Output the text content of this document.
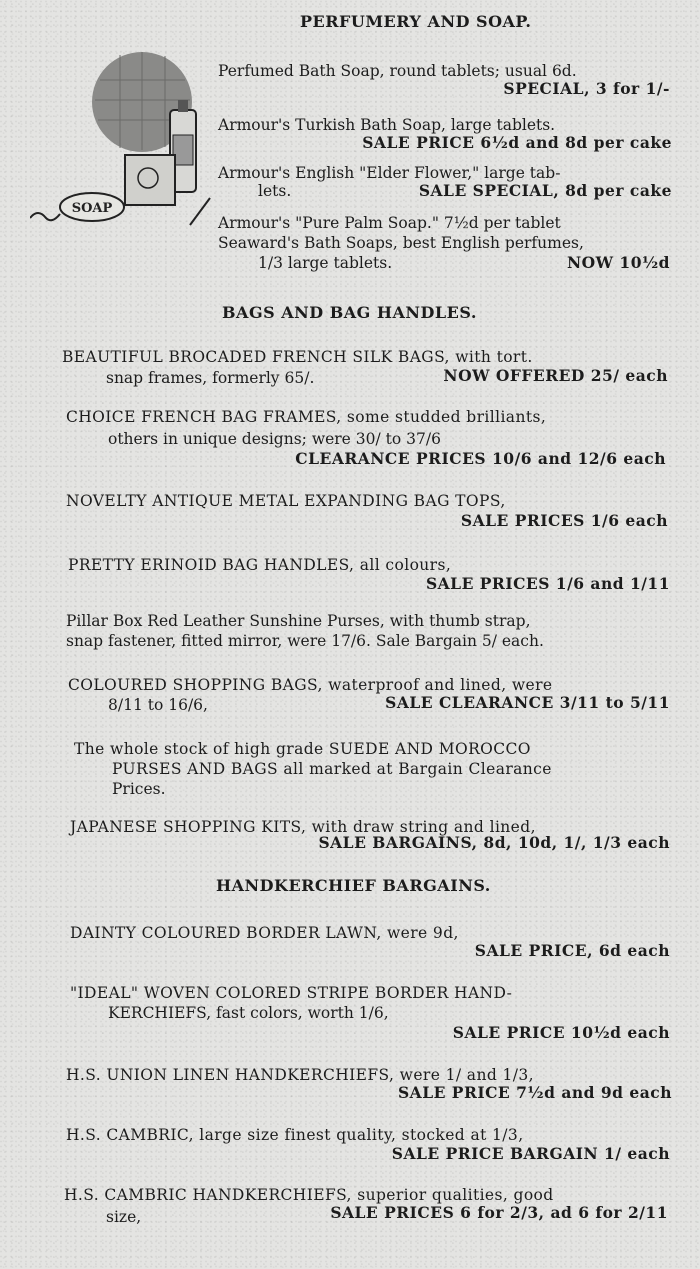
SOAP
PERFUMERY AND SOAP.
Perfumed Bath Soap, round tablets; usual 6d.
SPECIAL, 3 for 1/-
Armour's Turkish Bath Soap, large tablets.
SALE PRICE 6½d and 8d per cake
Armour's English "Elder Flower," large tab-
lets.	SALE SPECIAL, 8d per cake
Armour's "Pure Palm Soap." 7½d per tablet
Seaward's Bath Soaps, best English perfumes,
1/3 large tablets.	NOW 10½d
BAGS AND BAG HANDLES.
BEAUTIFUL BROCADED FRENCH SILK BAGS, with tort.
snap frames, formerly 65/.	NOW OFFERED 25/ each
CHOICE FRENCH BAG FRAMES, some studded brilliants,
others in unique designs; were 30/ to 37/6
CLEARANCE PRICES 10/6 and 12/6 each
NOVELTY ANTIQUE METAL EXPANDING BAG TOPS,
SALE PRICES 1/6 each
PRETTY ERINOID BAG HANDLES, all colours,
SALE PRICES 1/6 and 1/11
Pillar Box Red Leather Sunshine Purses, with thumb strap,
snap fastener, fitted mirror, were 17/6. Sale Bargain 5/ each.
COLOURED SHOPPING BAGS, waterproof and lined, were
8/11 to 16/6,	SALE CLEARANCE 3/11 to 5/11
The whole stock of high grade SUEDE AND MOROCCO
PURSES AND BAGS all marked at Bargain Clearance
Prices.
JAPANESE SHOPPING KITS, with draw string and lined,
SALE BARGAINS, 8d, 10d, 1/, 1/3 each
HANDKERCHIEF BARGAINS.
DAINTY COLOURED BORDER LAWN, were 9d,
SALE PRICE, 6d each
"IDEAL" WOVEN COLORED STRIPE BORDER HAND-
KERCHIEFS, fast colors, worth 1/6,
SALE PRICE 10½d each
H.S. UNION LINEN HANDKERCHIEFS, were 1/ and 1/3,
SALE PRICE 7½d and 9d each
H.S. CAMBRIC, large size finest quality, stocked at 1/3,
SALE PRICE BARGAIN 1/ each
H.S. CAMBRIC HANDKERCHIEFS, superior qualities, good
size,	SALE PRICES 6 for 2/3, ad 6 for 2/11
